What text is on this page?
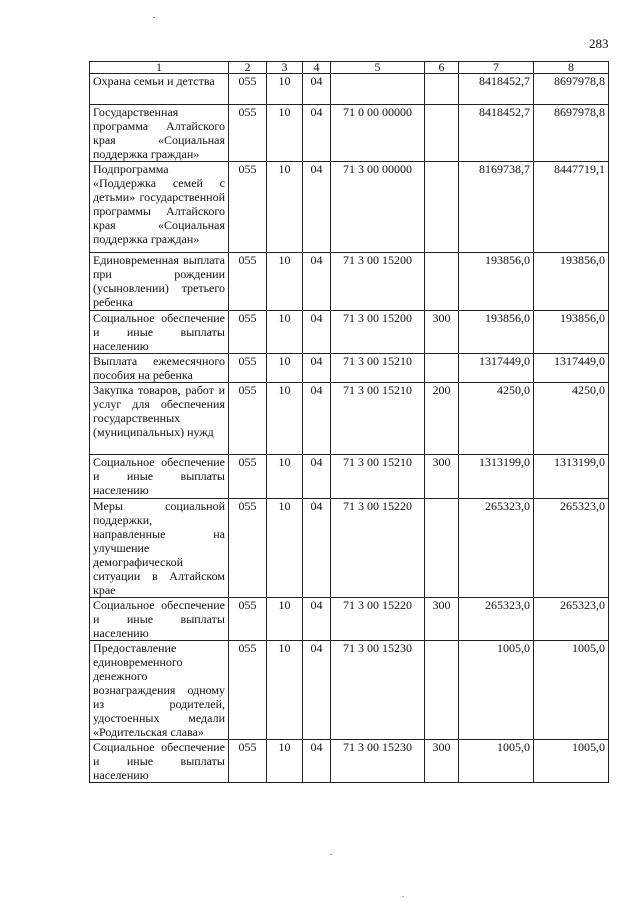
283
1	2	3	4	5	6	7	8
Охрана семьи и детства	055	10	04			8418452,7	8697978,8
Государственная программа Алтайского края «Социальная поддержка граждан»	055	10	04	71 0 00 00000		8418452,7	8697978,8
Подпрограмма «Поддержка семей с детьми» государственной программы Алтайского края «Социальная поддержка граждан»	055	10	04	71 3 00 00000		8169738,7	8447719,1
Единовременная выплата при рождении (усыновлении) третьего ребенка	055	10	04	71 3 00 15200		193856,0	193856,0
Социальное обеспечение и иные выплаты населению	055	10	04	71 3 00 15200	300	193856,0	193856,0
Выплата ежемесячного пособия на ребенка	055	10	04	71 3 00 15210		1317449,0	1317449,0
Закупка товаров, работ и услуг для обеспечения государственных (муниципальных) нужд	055	10	04	71 3 00 15210	200	4250,0	4250,0
Социальное обеспечение и иные выплаты населению	055	10	04	71 3 00 15210	300	1313199,0	1313199,0
Меры социальной поддержки, направленные на улучшение демографической ситуации в Алтайском крае	055	10	04	71 3 00 15220		265323,0	265323,0
Социальное обеспечение и иные выплаты населению	055	10	04	71 3 00 15220	300	265323,0	265323,0
Предоставление единовременного денежного вознаграждения одному из родителей, удостоенных медали «Родительская слава»	055	10	04	71 3 00 15230		1005,0	1005,0
Социальное обеспечение и иные выплаты населению	055	10	04	71 3 00 15230	300	1005,0	1005,0
